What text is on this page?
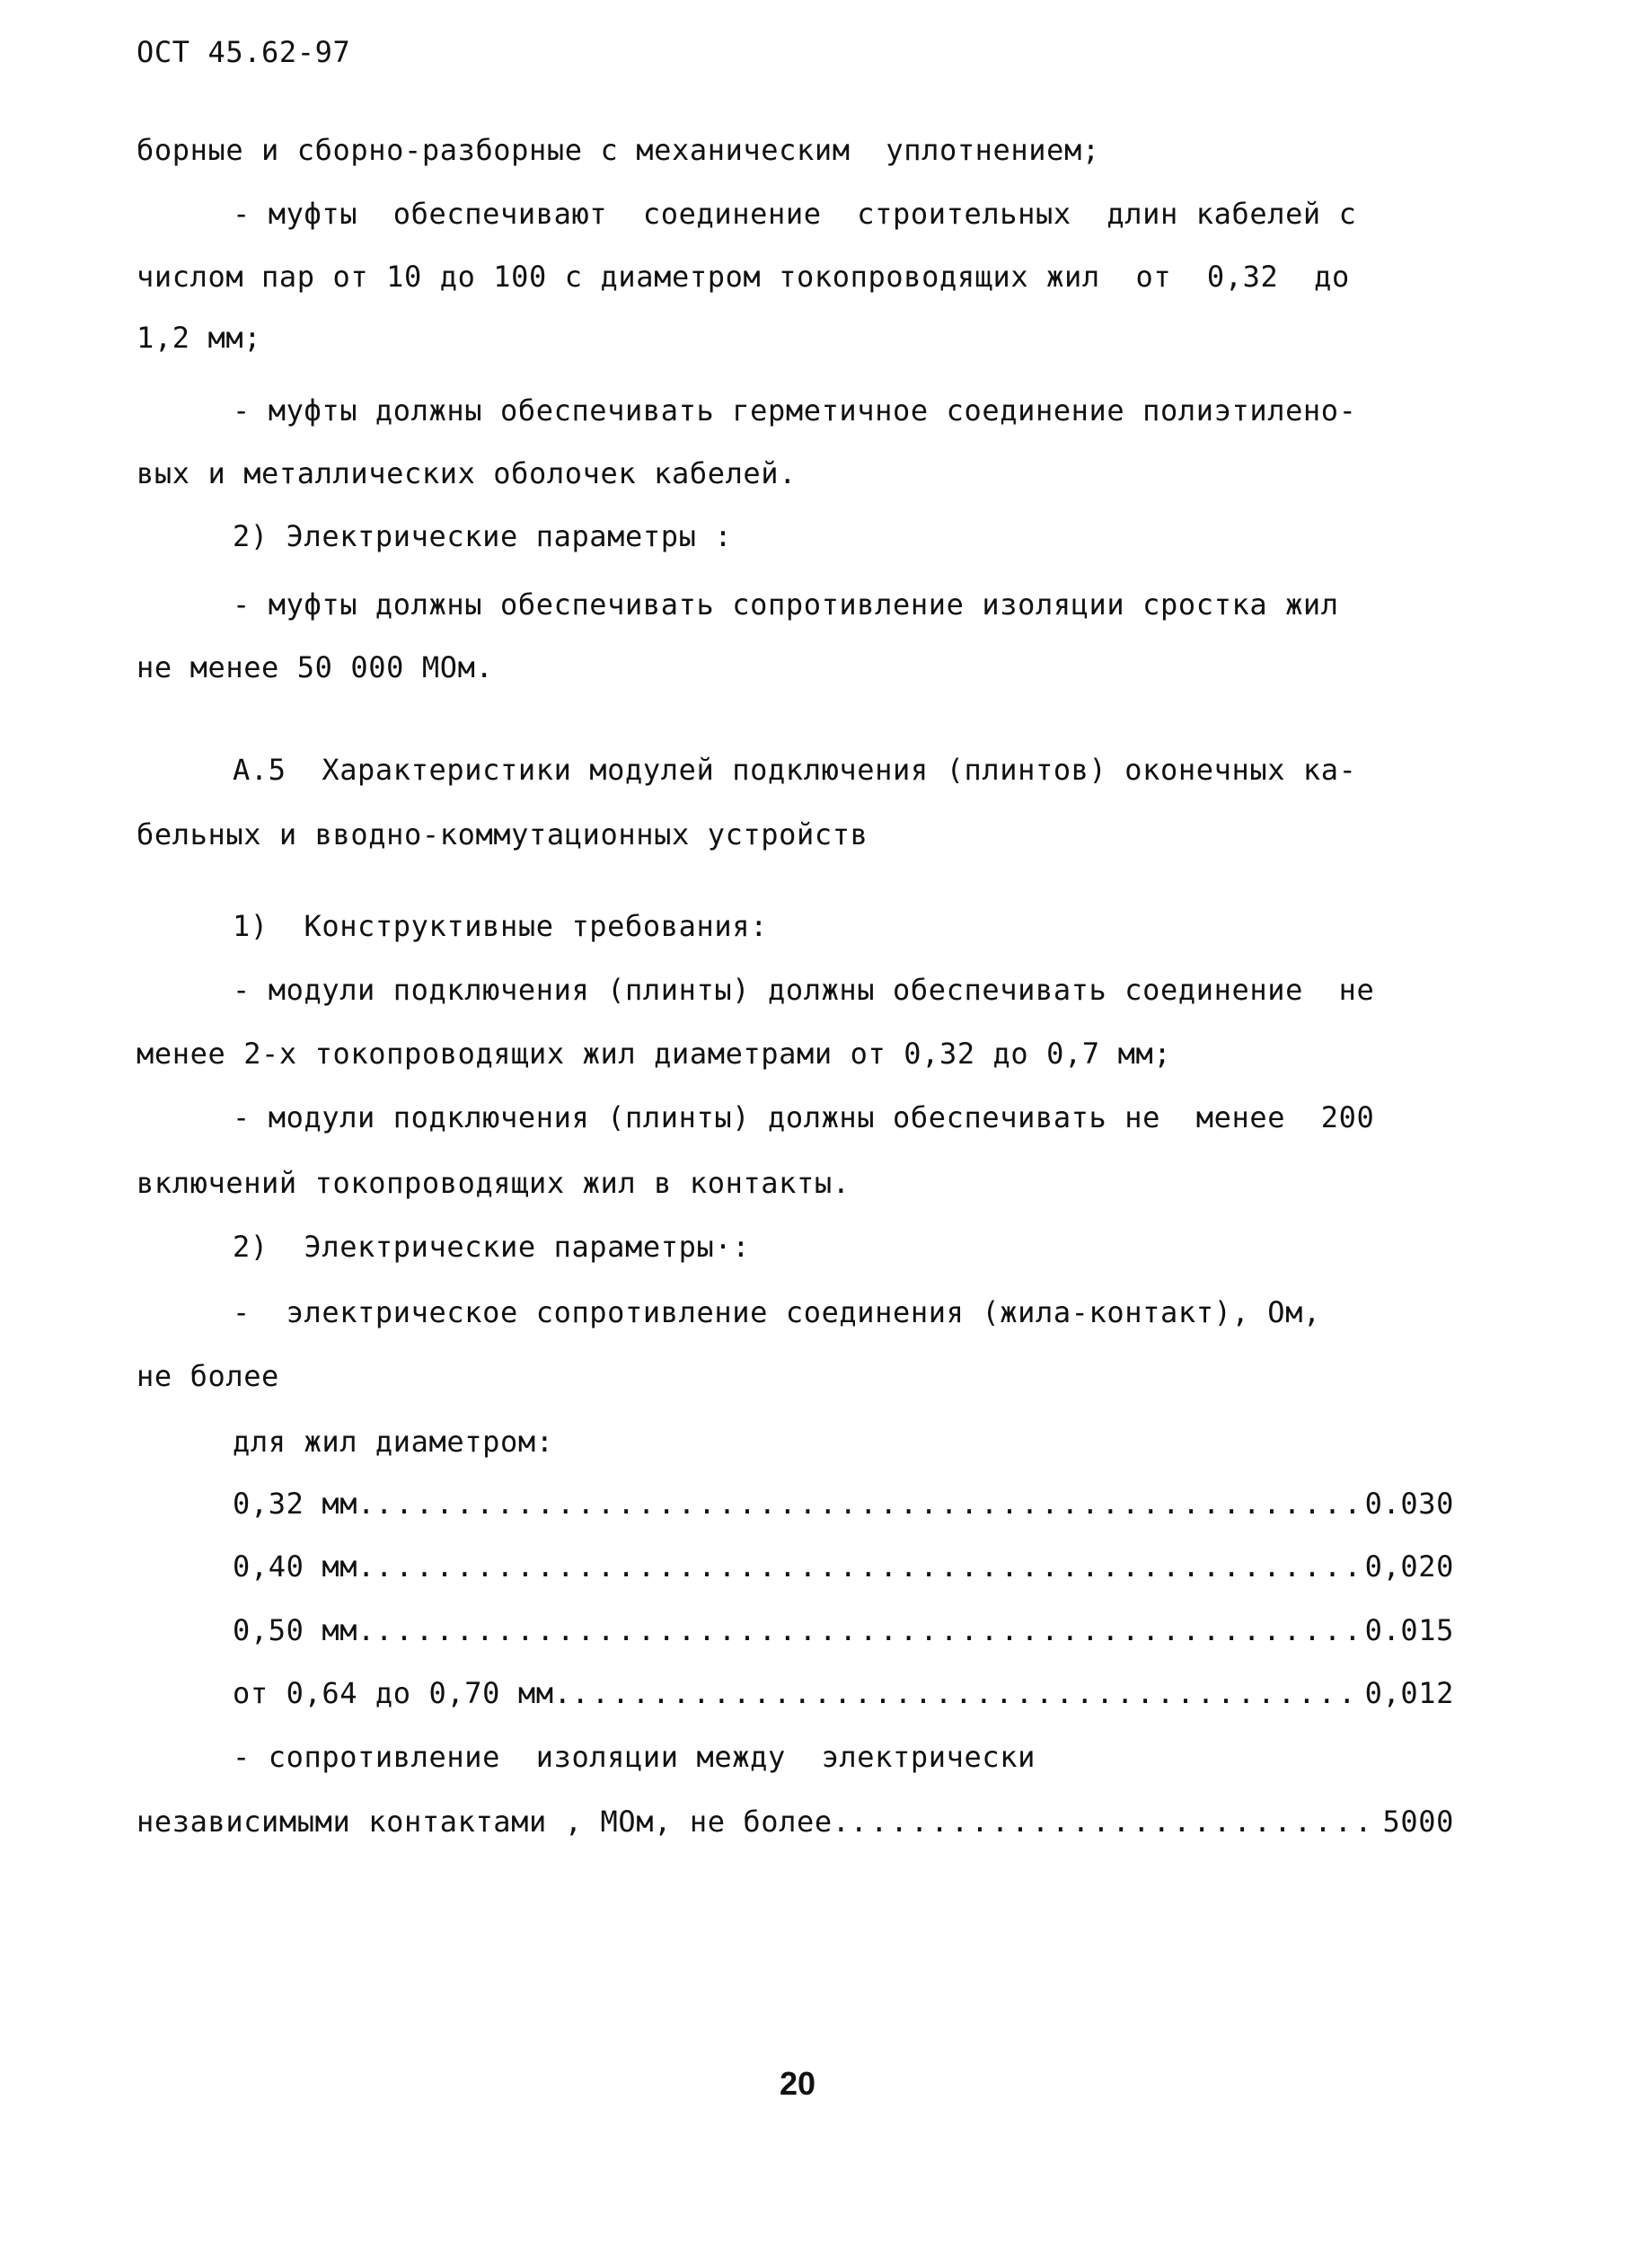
ОСТ 45.62-97
борные и сборно-разборные с механическим  уплотнением;
- муфты  обеспечивают  соединение  строительных  длин кабелей с
числом пар от 10 до 100 с диаметром токопроводящих жил  от  0,32  до
1,2 мм;
- муфты должны обеспечивать герметичное соединение полиэтилено-
вых и металлических оболочек кабелей.
2) Электрические параметры :
- муфты должны обеспечивать сопротивление изоляции сростка жил
не менее 50 000 МОм.
А.5  Характеристики модулей подключения (плинтов) оконечных ка-
бельных и вводно-коммутационных устройств
1)  Конструктивные требования:
- модули подключения (плинты) должны обеспечивать соединение  не
менее 2-х токопроводящих жил диаметрами от 0,32 до 0,7 мм;
- модули подключения (плинты) должны обеспечивать не  менее  200
включений токопроводящих жил в контакты.
2)  Электрические параметры·:
-  электрическое сопротивление соединения (жила-контакт), Ом,
не более
для жил диаметром:
0,32 мм. .....	0.030
0,40 мм. .....	0,020
0,50 мм. .....	0.015
от 0,64 до 0,70 мм. .....	0,012
- сопротивление  изоляции между  электрически
независимыми контактами , МОм, не более. .....	5000
20
